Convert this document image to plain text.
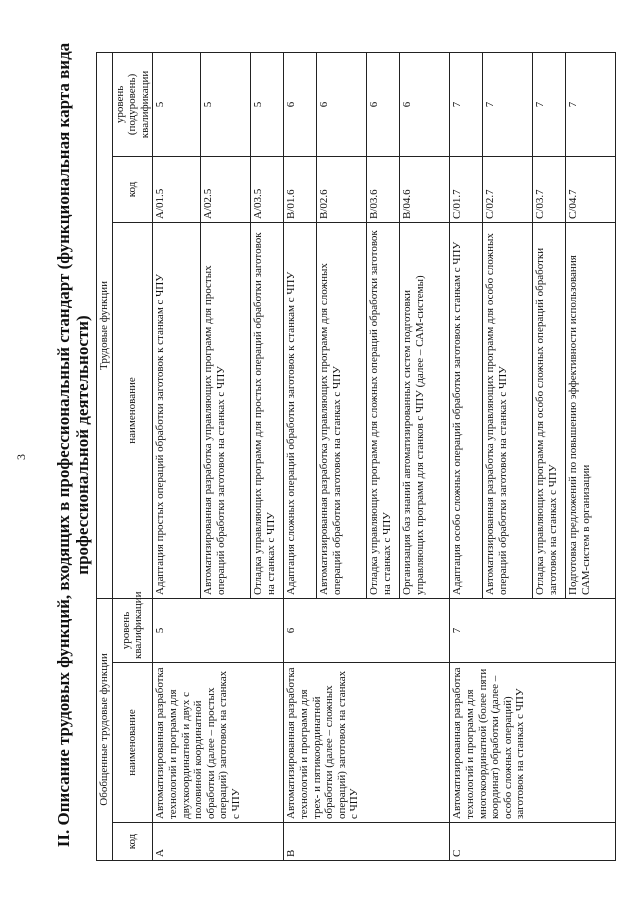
3 II. Описание трудовых функций, входящих в профессиональный стандарт (функциональная карта вида профессиональной деятельности)
Обобщенные трудовые функции			Трудовые функции		
код	наименование	уровень квалификации	наименование	код	уровень (подуровень) квалификации
A	Автоматизированная разработка технологий и программ для двухкоординатной и двух с половиной координатной обработки (далее – простых операций) заготовок на станках с ЧПУ	5	Адаптация простых операций обработки заготовок к станкам с ЧПУ	A/01.5	5
			Автоматизированная разработка управляющих программ для простых операций обработки заготовок на станках с ЧПУ	A/02.5	5
			Отладка управляющих программ для простых операций обработки заготовок на станках с ЧПУ	A/03.5	5
B	Автоматизированная разработка технологий и программ для трех- и пятикоординатной обработки (далее – сложных операций) заготовок на станках с ЧПУ	6	Адаптация сложных операций обработки заготовок к станкам с ЧПУ	B/01.6	6
			Автоматизированная разработка управляющих программ для сложных операций обработки заготовок на станках с ЧПУ	B/02.6	6
			Отладка управляющих программ для сложных операций обработки заготовок на станках с ЧПУ	B/03.6	6
			Организация баз знаний автоматизированных систем подготовки управляющих программ для станков с ЧПУ (далее – САМ-системы)	B/04.6	6
C	Автоматизированная разработка технологий и программ для многокоординатной (более пяти координат) обработки (далее – особо сложных операций) заготовок на станках с ЧПУ	7	Адаптация особо сложных операций обработки заготовок к станкам с ЧПУ	C/01.7	7
			Автоматизированная разработка управляющих программ для особо сложных операций обработки заготовок на станках с ЧПУ	C/02.7	7
			Отладка управляющих программ для особо сложных операций обработки заготовок на станках с ЧПУ	C/03.7	7
			Подготовка предложений по повышению эффективности использования САМ-систем в организации	C/04.7	7
